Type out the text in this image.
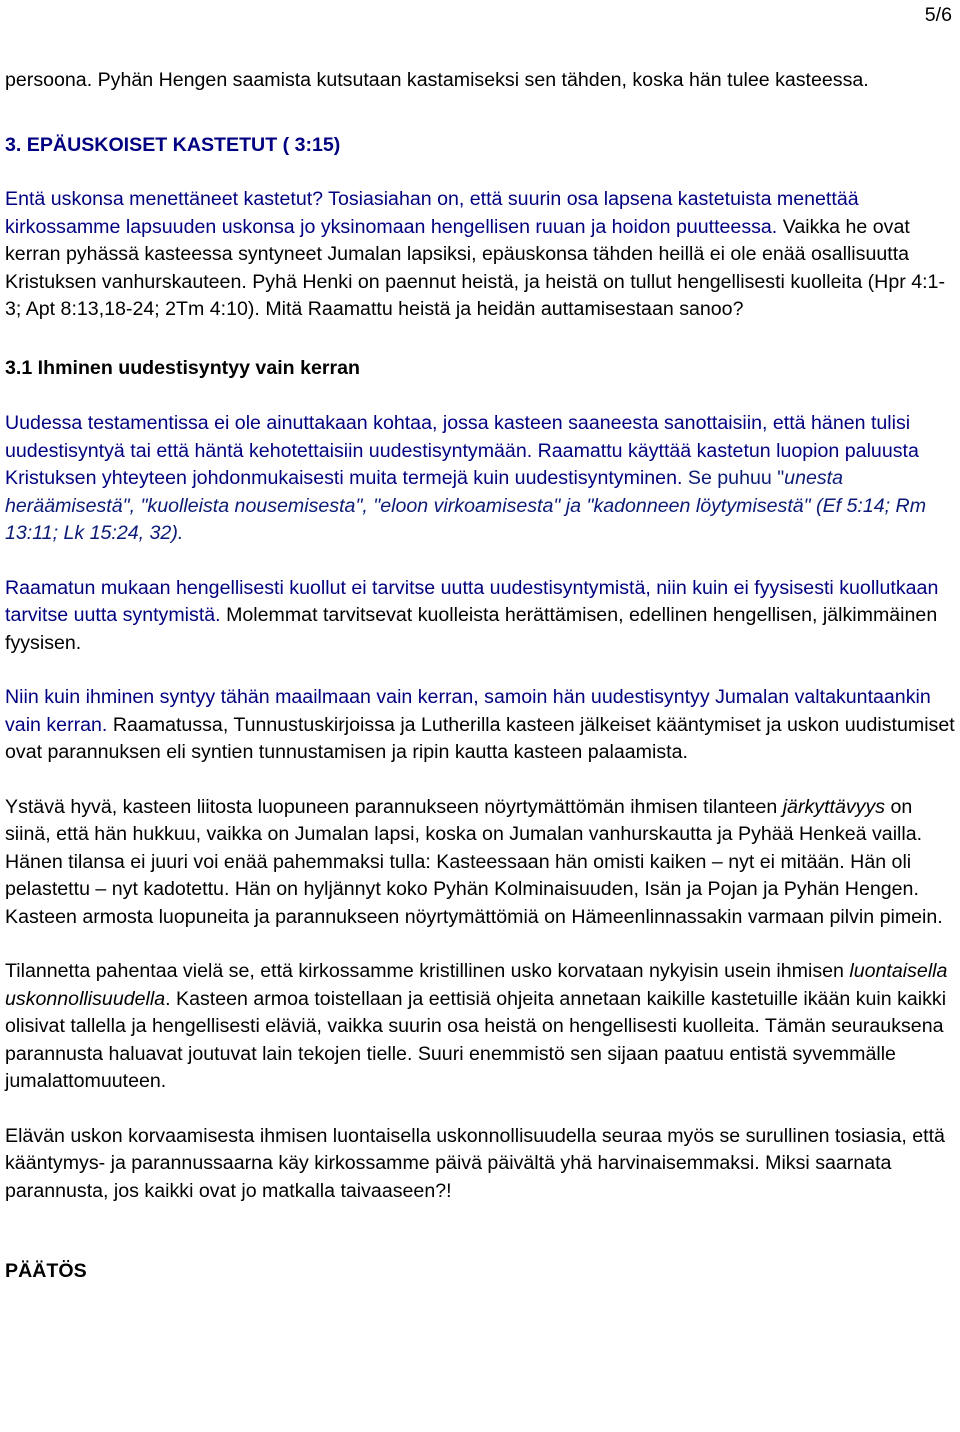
5/6

persoona. Pyhän Hengen saamista kutsutaan kastamiseksi sen tähden, koska hän tulee kasteessa.

3. EPÄUSKOISET KASTETUT ( 3:15)

Entä uskonsa menettäneet kastetut? Tosiasiahan on, että suurin osa lapsena kastetuista menettää kirkossamme lapsuuden uskonsa jo yksinomaan hengellisen ruuan ja hoidon puutteessa. Vaikka he ovat kerran pyhässä kasteessa syntyneet Jumalan lapsiksi, epäuskonsa tähden heillä ei ole enää osallisuutta Kristuksen vanhurskauteen. Pyhä Henki on paennut heistä, ja heistä on tullut hengellisesti kuolleita (Hpr 4:1-3; Apt 8:13,18-24; 2Tm 4:10). Mitä Raamattu heistä ja heidän auttamisestaan sanoo?

3.1 Ihminen uudestisyntyy vain kerran

Uudessa testamentissa ei ole ainuttakaan kohtaa, jossa kasteen saaneesta sanottaisiin, että hänen tulisi uudestisyntyä tai että häntä kehotettaisiin uudestisyntymään. Raamattu käyttää kastetun luopion paluusta Kristuksen yhteyteen johdonmukaisesti muita termejä kuin uudestisyntyminen. Se puhuu "unesta heräämisestä", "kuolleista nousemisesta", "eloon virkoamisesta" ja "kadonneen löytymisestä" (Ef 5:14; Rm 13:11; Lk 15:24, 32).

Raamatun mukaan hengellisesti kuollut ei tarvitse uutta uudestisyntymistä, niin kuin ei fyysisesti kuollutkaan tarvitse uutta syntymistä. Molemmat tarvitsevat kuolleista herättämisen, edellinen hengellisen, jälkimmäinen fyysisen.

Niin kuin ihminen syntyy tähän maailmaan vain kerran, samoin hän uudestisyntyy Jumalan valtakuntaankin vain kerran. Raamatussa, Tunnustuskirjoissa ja Lutherilla kasteen jälkeiset kääntymiset ja uskon uudistumiset ovat parannuksen eli syntien tunnustamisen ja ripin kautta kasteen palaamista.

Ystävä hyvä, kasteen liitosta luopuneen parannukseen nöyrtymättömän ihmisen tilanteen järkyttävyys on siinä, että hän hukkuu, vaikka on Jumalan lapsi, koska on Jumalan vanhurskautta ja Pyhää Henkeä vailla. Hänen tilansa ei juuri voi enää pahemmaksi tulla: Kasteessaan hän omisti kaiken – nyt ei mitään. Hän oli pelastettu – nyt kadotettu. Hän on hyljännyt koko Pyhän Kolminaisuuden, Isän ja Pojan ja Pyhän Hengen. Kasteen armosta luopuneita ja parannukseen nöyrtymättömiä on Hämeenlinnassakin varmaan pilvin pimein.

Tilannetta pahentaa vielä se, että kirkossamme kristillinen usko korvataan nykyisin usein ihmisen luontaisella uskonnollisuudella. Kasteen armoa toistellaan ja eettisiä ohjeita annetaan kaikille kastetuille ikään kuin kaikki olisivat tallella ja hengellisesti eläviä, vaikka suurin osa heistä on hengellisesti kuolleita. Tämän seurauksena parannusta haluavat joutuvat lain tekojen tielle. Suuri enemmistö sen sijaan paatuu entistä syvemmälle jumalattomuuteen.

Elävän uskon korvaamisesta ihmisen luontaisella uskonnollisuudella seuraa myös se surullinen tosiasia, että kääntymys- ja parannussaarna käy kirkossamme päivä päivältä yhä harvinaisemmaksi. Miksi saarnata parannusta, jos kaikki ovat jo matkalla taivaaseen?!

PÄÄTÖS
